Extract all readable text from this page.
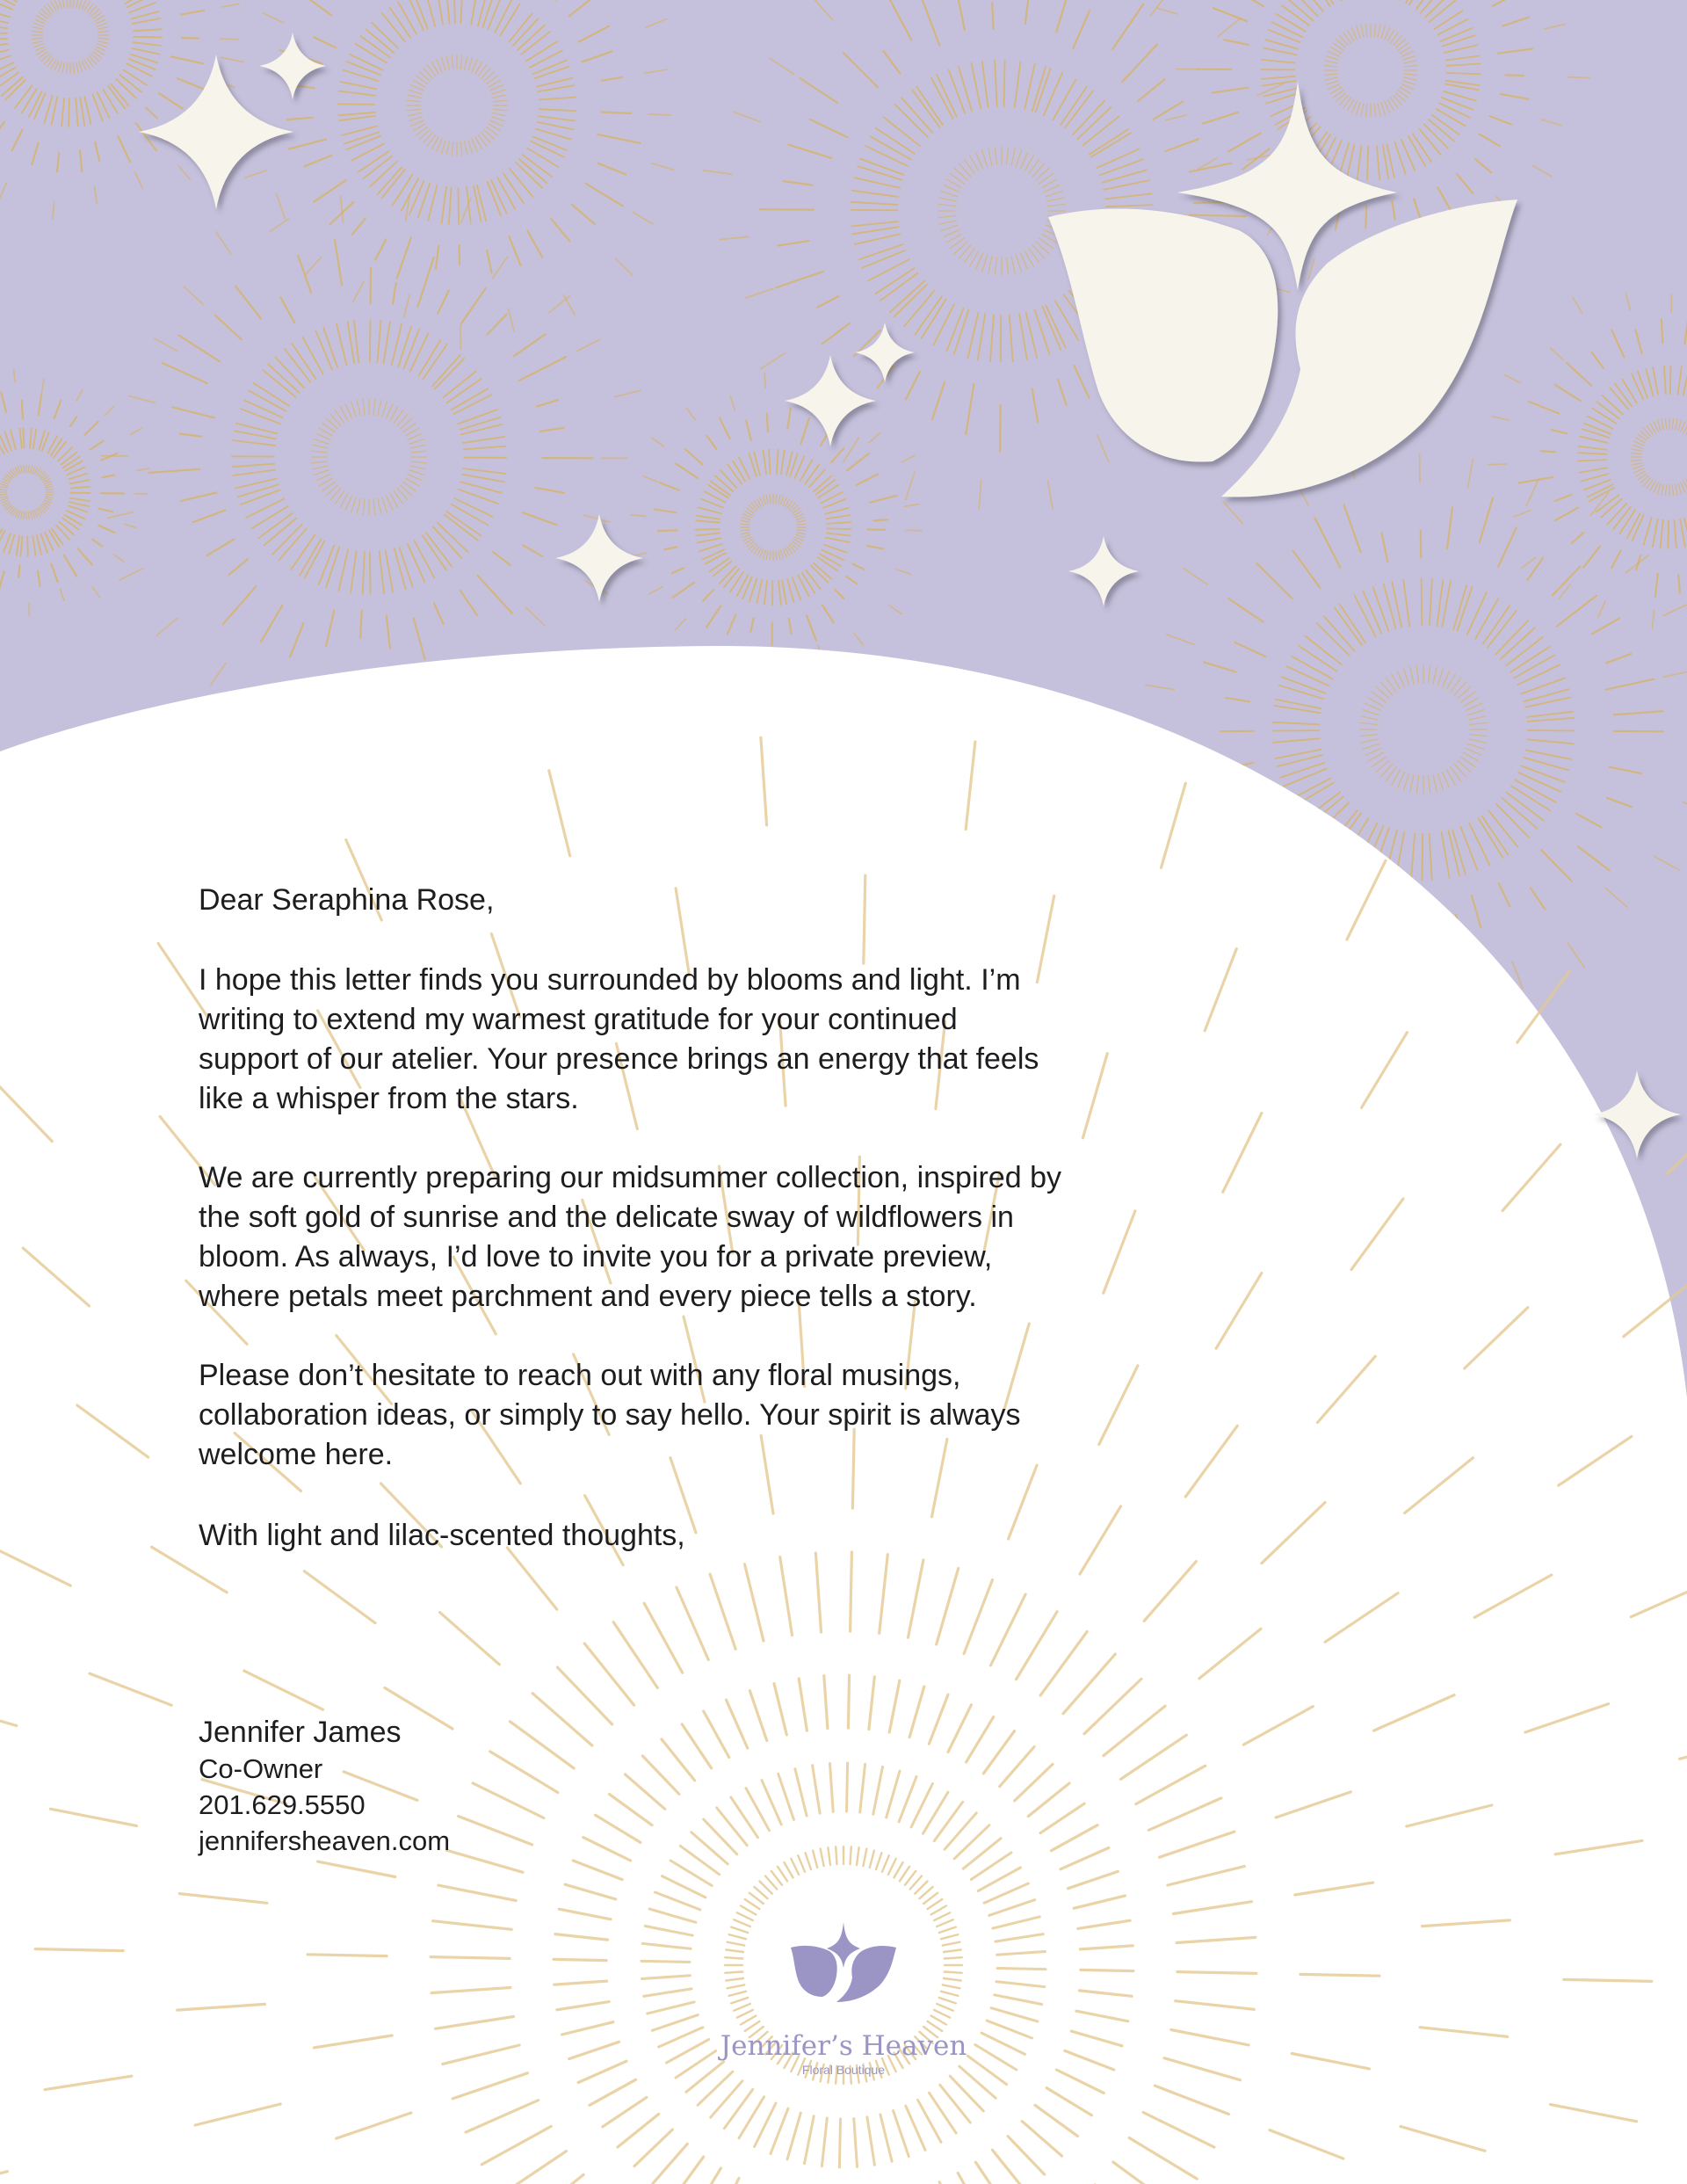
Dear Seraphina Rose,
I hope this letter finds you surrounded by blooms and light. I’m
writing to extend my warmest gratitude for your continued
support of our atelier. Your presence brings an energy that feels
like a whisper from the stars.
We are currently preparing our midsummer collection, inspired by
the soft gold of sunrise and the delicate sway of wildflowers in
bloom. As always, I’d love to invite you for a private preview,
where petals meet parchment and every piece tells a story.
Please don’t hesitate to reach out with any floral musings,
collaboration ideas, or simply to say hello. Your spirit is always
welcome here.
With light and lilac-scented thoughts,
Jennifer James
Co-Owner
201.629.5550
jennifersheaven.com
Jennifer’s Heaven
Floral Boutique
